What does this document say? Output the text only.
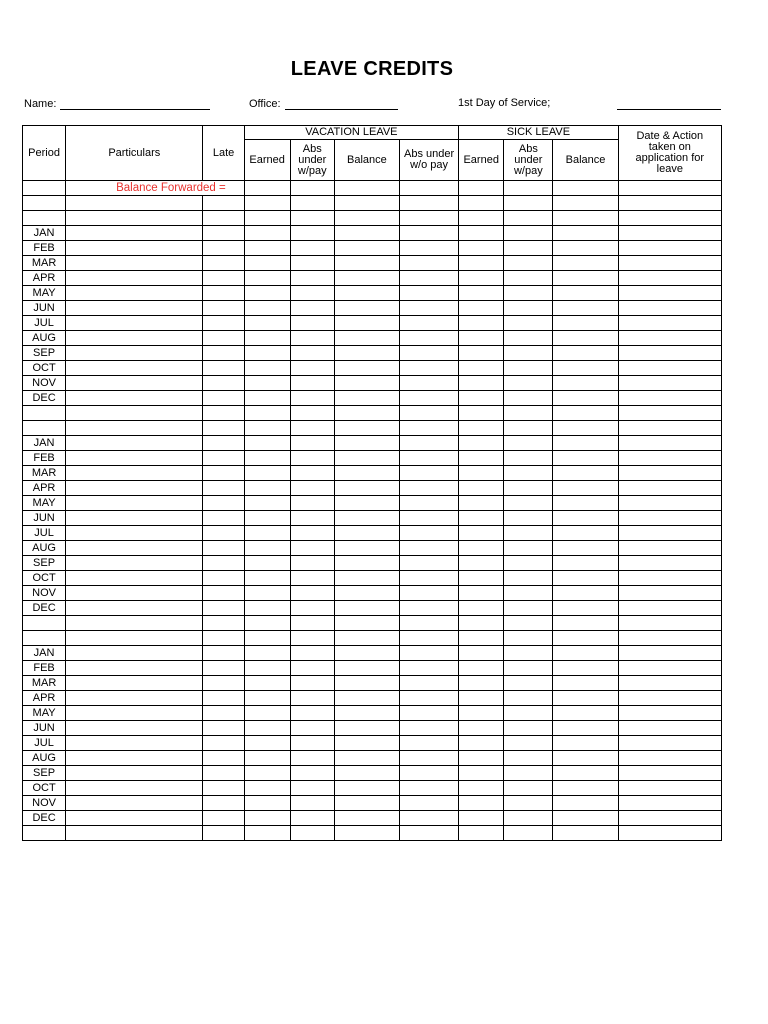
LEAVE CREDITS
Name:	Office:	1st Day of Service;
Period	Particulars	Late	VACATION LEAVE				SICK LEAVE			Date & Action taken on application for leave
			Earned	Abs under w/pay	Balance	Abs under w/o pay	Earned	Abs under w/pay	Balance	
	Balance Forwarded =									

JAN										
FEB										
MAR										
APR										
MAY										
JUN										
JUL										
AUG										
SEP										
OCT										
NOV										
DEC										

JAN										
FEB										
MAR										
APR										
MAY										
JUN										
JUL										
AUG										
SEP										
OCT										
NOV										
DEC										

JAN										
FEB										
MAR										
APR										
MAY										
JUN										
JUL										
AUG										
SEP										
OCT										
NOV										
DEC										
